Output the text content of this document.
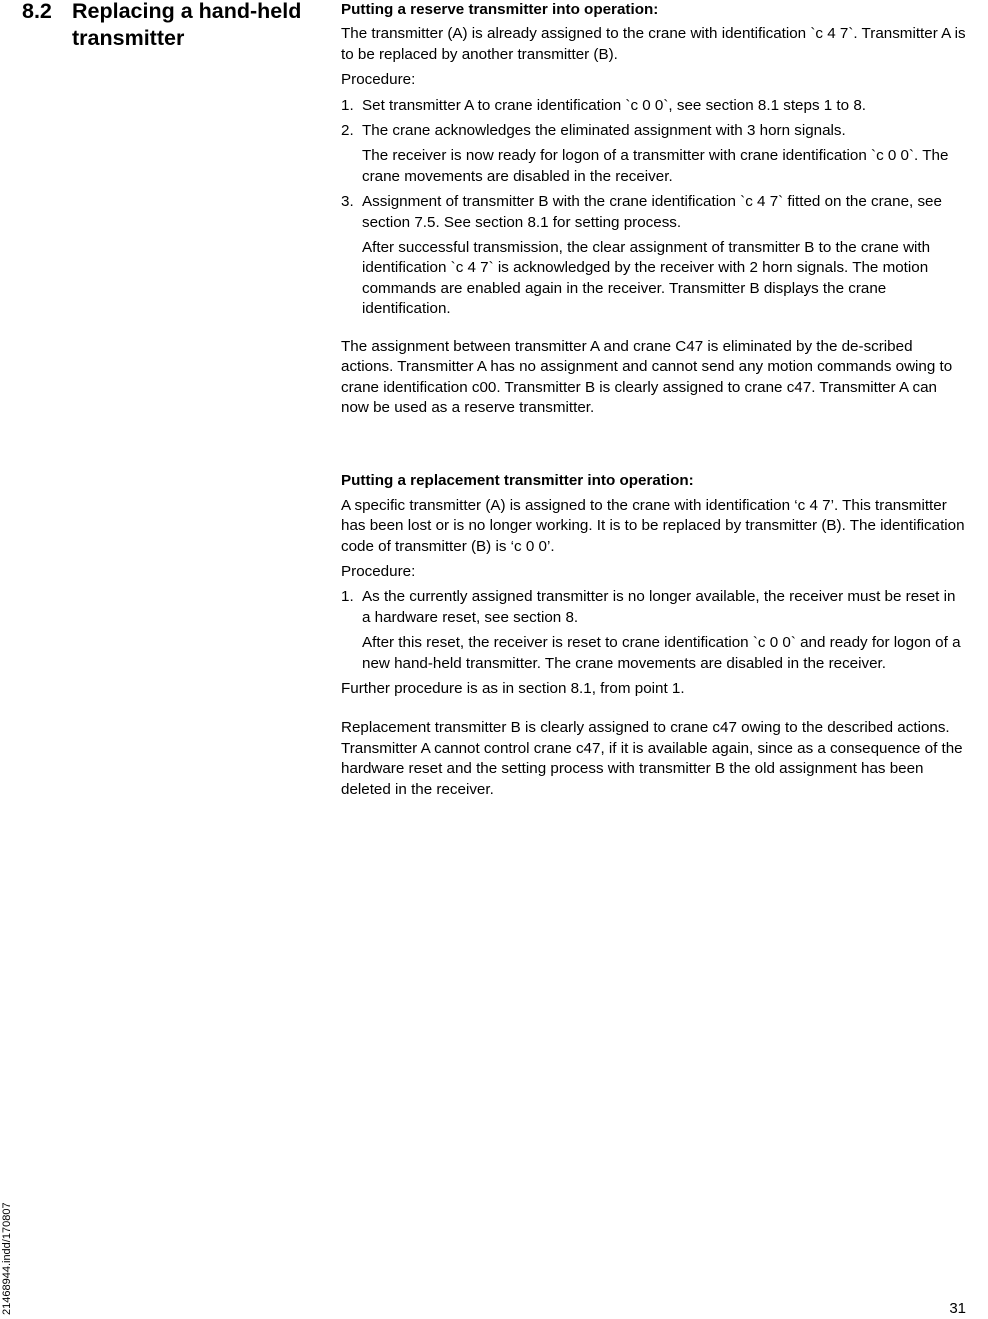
8.2 Replacing a hand-held transmitter
Putting a reserve transmitter into operation:

The transmitter (A) is already assigned to the crane with identification `c 4 7`. Transmitter A is to be replaced by another transmitter (B).

Procedure:

1. Set transmitter A to crane identification `c 0 0`, see section 8.1 steps 1 to 8.
2. The crane acknowledges the eliminated assignment with 3 horn signals.
The receiver is now ready for logon of a transmitter with crane identification `c 0 0`. The crane movements are disabled in the receiver.
3. Assignment of transmitter B with the crane identification `c 4 7` fitted on the crane, see section 7.5. See section 8.1 for setting process.
After successful transmission, the clear assignment of transmitter B to the crane with identification `c 4 7` is acknowledged by the receiver with 2 horn signals. The motion commands are enabled again in the receiver. Transmitter B displays the crane identification.

The assignment between transmitter A and crane C47 is eliminated by the de-scribed actions. Transmitter A has no assignment and cannot send any motion commands owing to crane identification c00. Transmitter B is clearly assigned to crane c47. Transmitter A can now be used as a reserve transmitter.

Putting a replacement transmitter into operation:

A specific transmitter (A) is assigned to the crane with identification ‘c 4 7’. This transmitter has been lost or is no longer working. It is to be replaced by transmitter (B). The identification code of transmitter (B) is ‘c 0 0’.

Procedure:

1. As the currently assigned transmitter is no longer available, the receiver must be reset in a hardware reset, see section 8.
After this reset, the receiver is reset to crane identification `c 0 0` and ready for logon of a new hand-held transmitter. The crane movements are disabled in the receiver.

Further procedure is as in section 8.1, from point 1.

Replacement transmitter B is clearly assigned to crane c47 owing to the described actions. Transmitter A cannot control crane c47, if it is available again, since as a consequence of the hardware reset and the setting process with transmitter B the old assignment has been deleted in the receiver.

21468944.indd/170807	31
